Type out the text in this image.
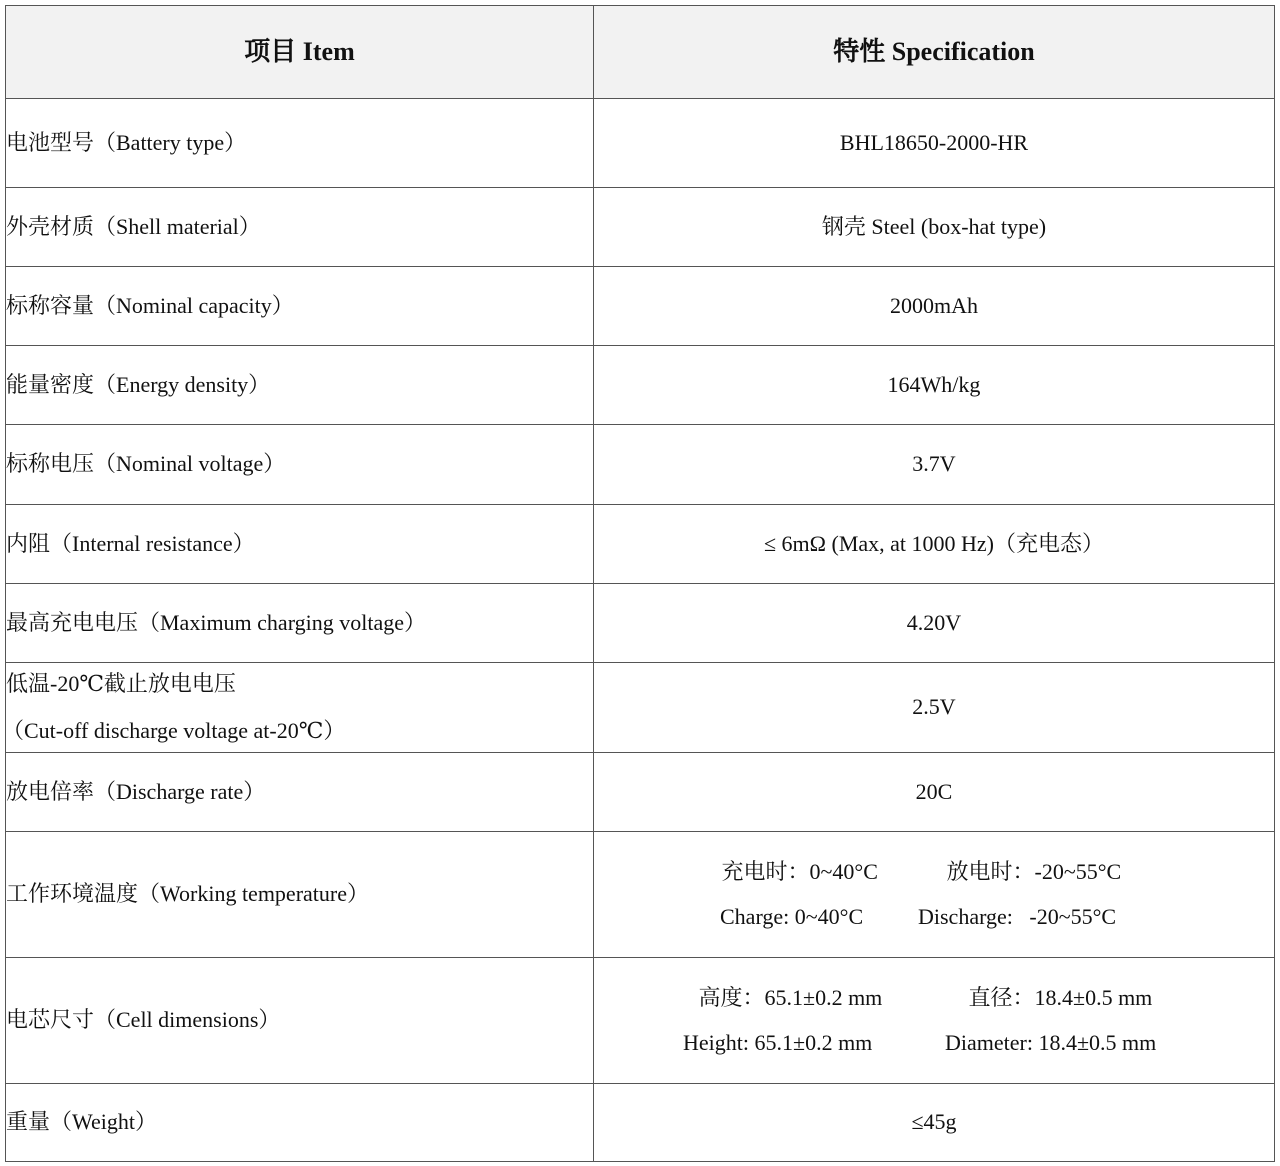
项目 Item	特性 Specification
电池型号（Battery type）	BHL18650-2000-HR
外壳材质（Shell material）	钢壳 Steel (box-hat type)
标称容量（Nominal capacity）	2000mAh
能量密度（Energy density）	164Wh/kg
标称电压（Nominal voltage）	3.7V
内阻（Internal resistance）	≤ 6mΩ (Max, at 1000 Hz)（充电态）
最高充电电压（Maximum charging voltage）	4.20V

低温-20℃截止放电电压
（Cut-off discharge voltage at-20℃）	2.5V
放电倍率（Discharge rate）	20C
工作环境温度（Working temperature）	充电时：0~40°C 放电时：-20~55°C
Charge: 0~40°C Discharge:   -20~55°C

电芯尺寸（Cell dimensions）	高度：65.1±0.2 mm 直径：18.4±0.5 mm
Height: 65.1±0.2 mm Diameter: 18.4±0.5 mm

重量（Weight）	≤45g
